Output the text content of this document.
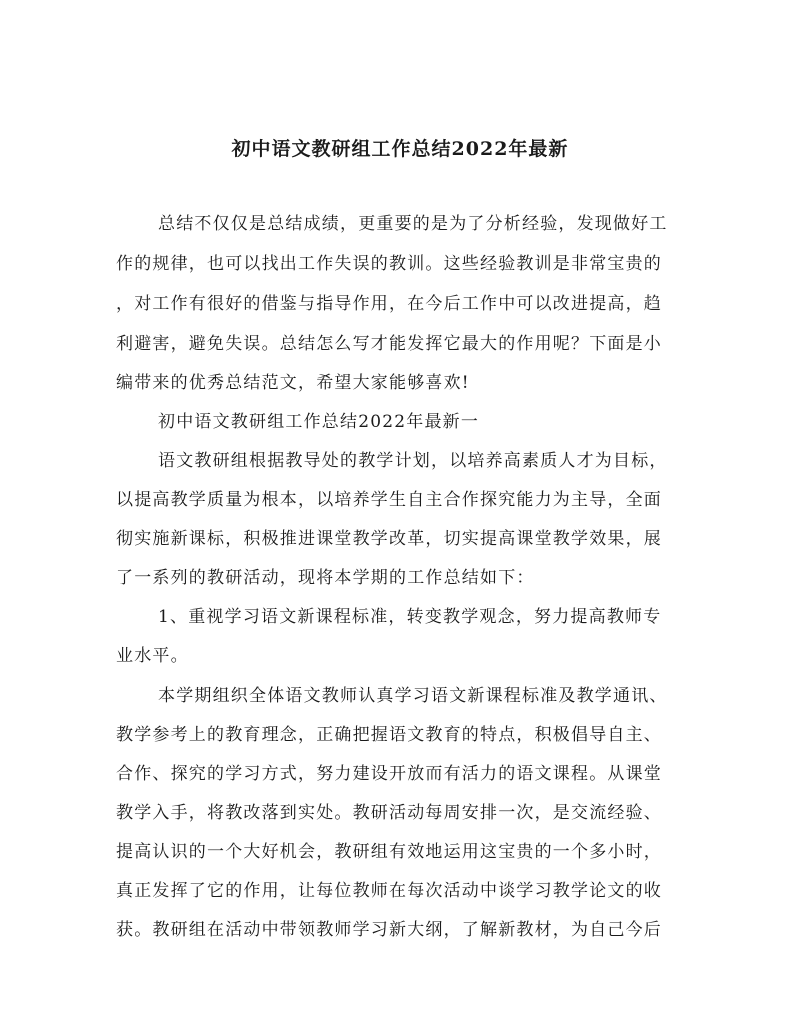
初中语文教研组工作总结2022年最新
总结不仅仅是总结成绩，更重要的是为了分析经验，发现做好工
作的规律，也可以找出工作失误的教训。这些经验教训是非常宝贵的
，对工作有很好的借鉴与指导作用，在今后工作中可以改进提高，趋
利避害，避免失误。总结怎么写才能发挥它最大的作用呢？下面是小
编带来的优秀总结范文，希望大家能够喜欢!
初中语文教研组工作总结2022年最新一
语文教研组根据教导处的教学计划，以培养高素质人才为目标，
以提高教学质量为根本，以培养学生自主合作探究能力为主导，全面
彻实施新课标，积极推进课堂教学改革，切实提高课堂教学效果，展
了一系列的教研活动，现将本学期的工作总结如下：
1、重视学习语文新课程标准，转变教学观念，努力提高教师专
业水平。
本学期组织全体语文教师认真学习语文新课程标准及教学通讯、
教学参考上的教育理念，正确把握语文教育的特点，积极倡导自主、
合作、探究的学习方式，努力建设开放而有活力的语文课程。从课堂
教学入手，将教改落到实处。教研活动每周安排一次，是交流经验、
提高认识的一个大好机会，教研组有效地运用这宝贵的一个多小时，
真正发挥了它的作用，让每位教师在每次活动中谈学习教学论文的收
获。教研组在活动中带领教师学习新大纲，了解新教材，为自己今后
